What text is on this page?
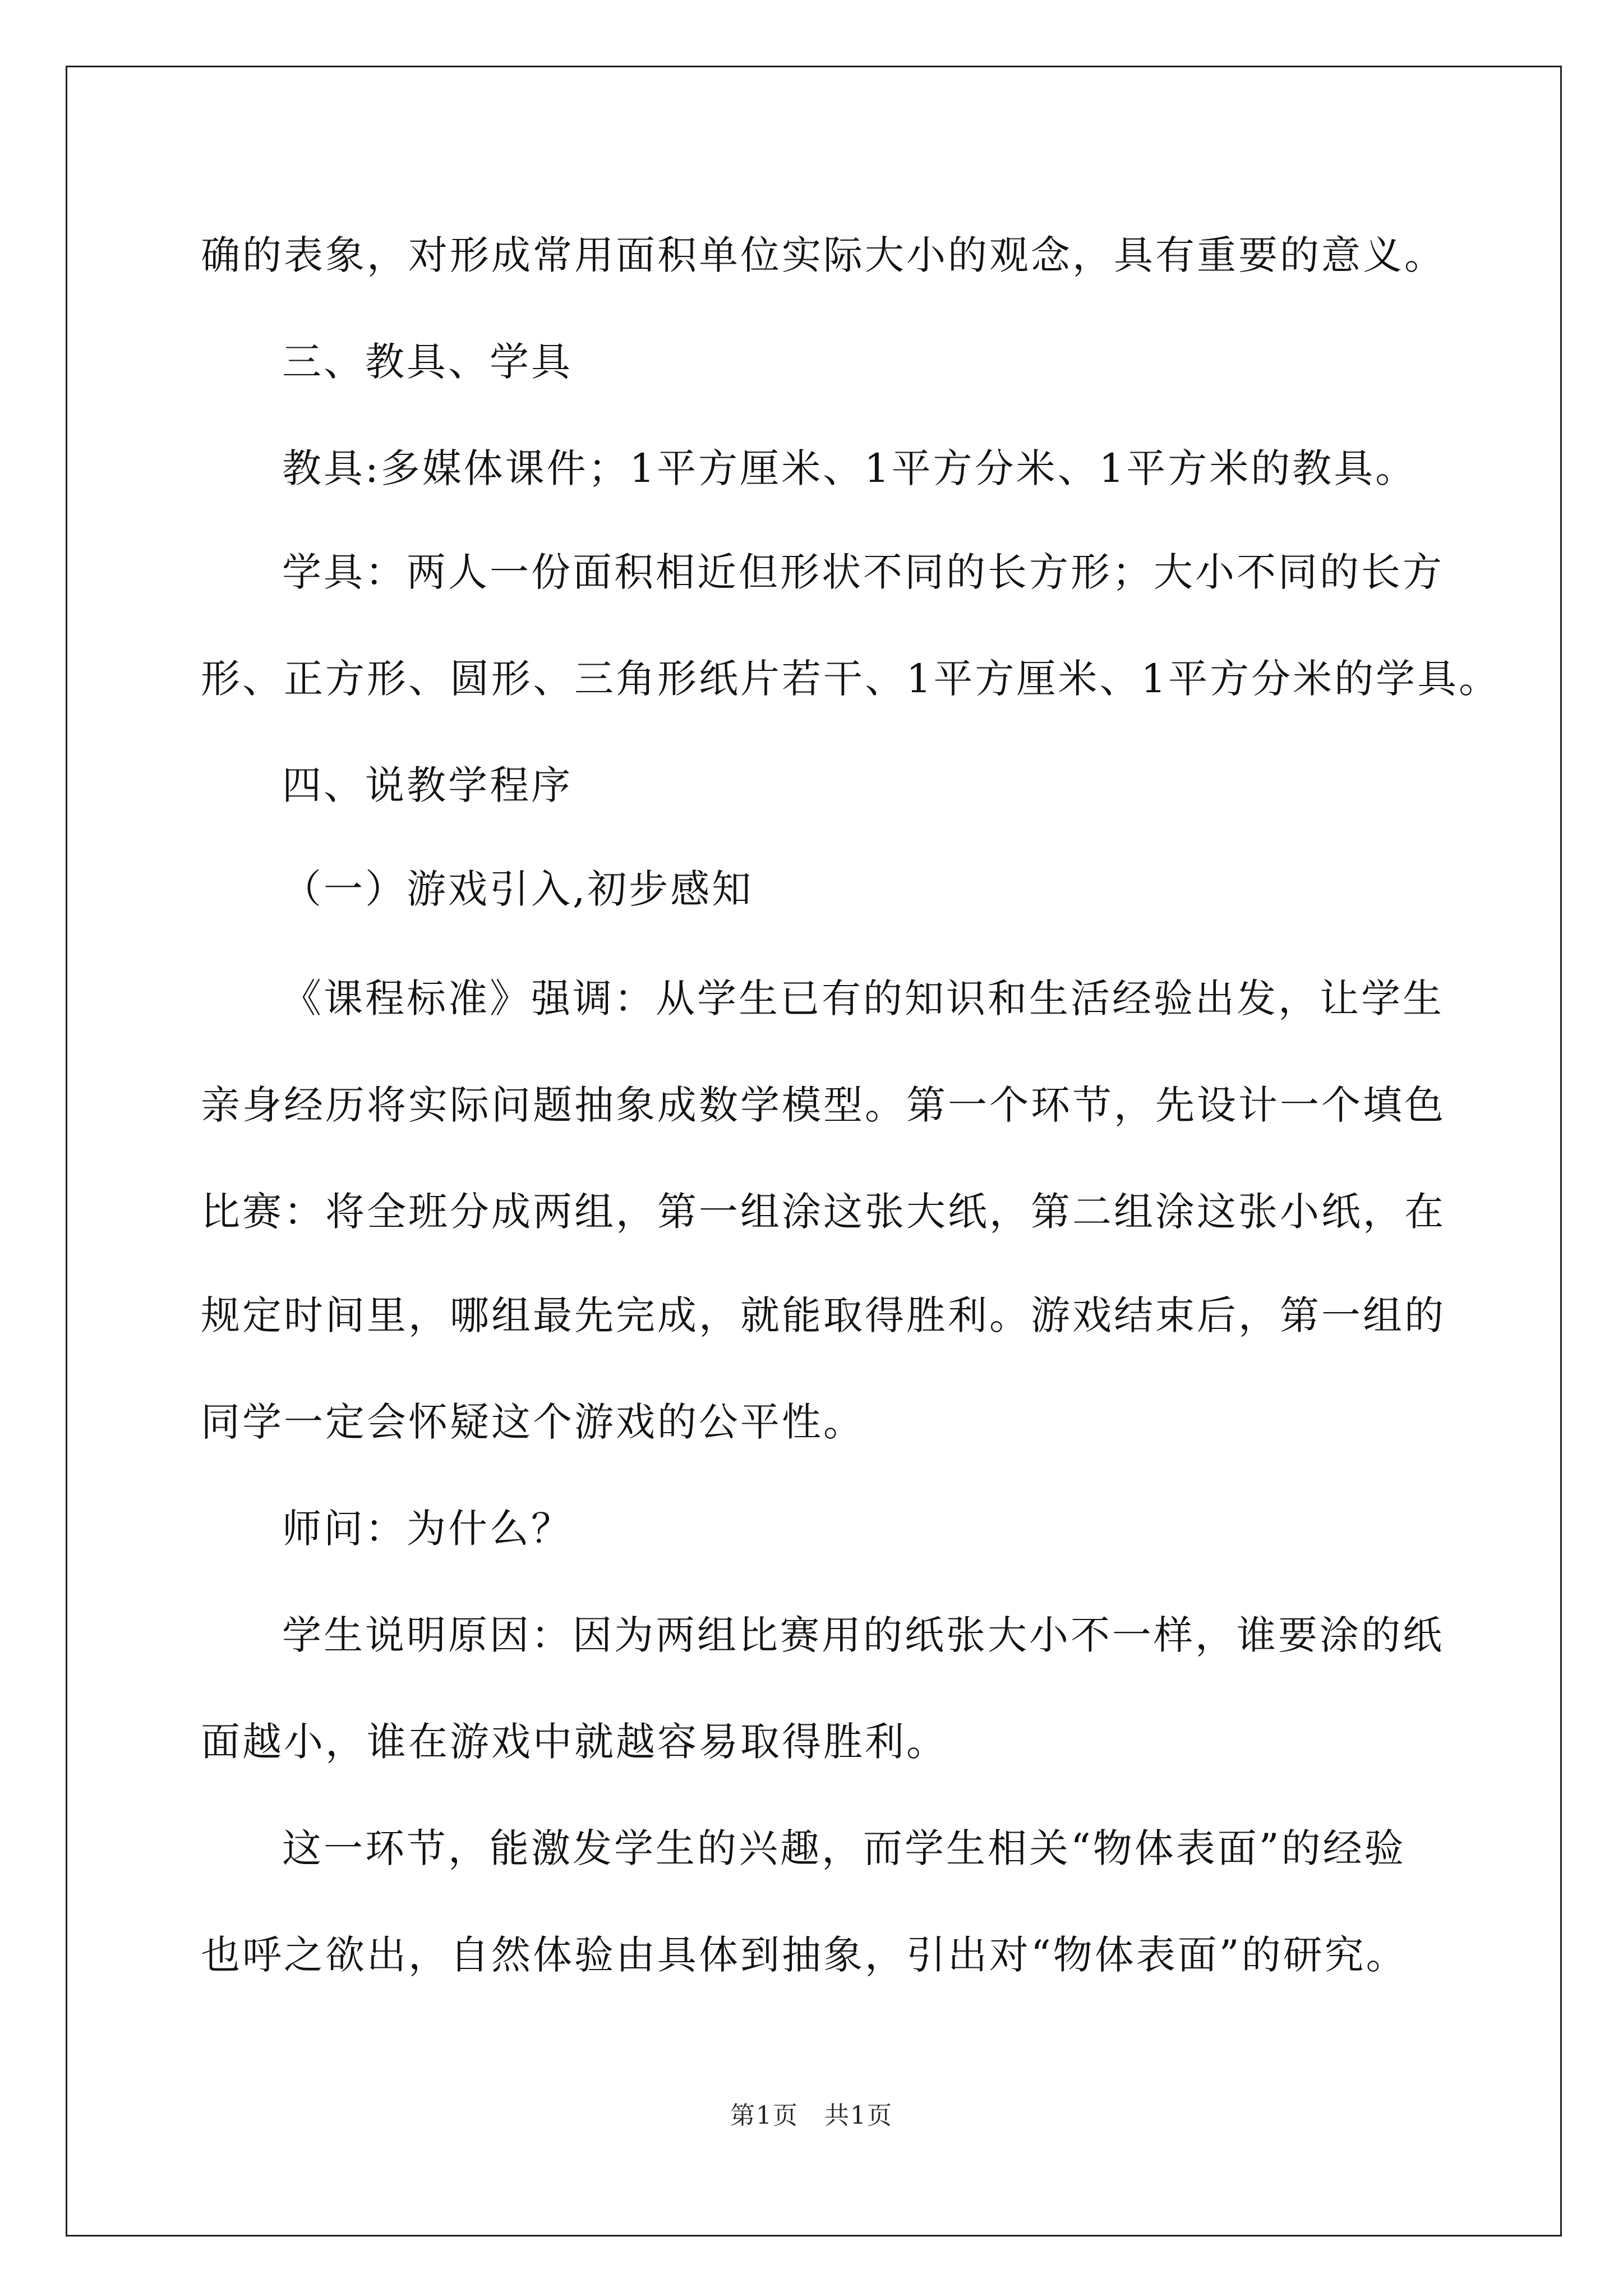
确的表象，对形成常用面积单位实际大小的观念，具有重要的意义。
三、教具、学具
教具:多媒体课件；1平方厘米、1平方分米、1平方米的教具。
学具：两人一份面积相近但形状不同的长方形；大小不同的长方
形、正方形、圆形、三角形纸片若干、1平方厘米、1平方分米的学具。
四、说教学程序
（一）游戏引入,初步感知
《课程标准》强调：从学生已有的知识和生活经验出发，让学生
亲身经历将实际问题抽象成数学模型。第一个环节，先设计一个填色
比赛：将全班分成两组，第一组涂这张大纸，第二组涂这张小纸，在
规定时间里，哪组最先完成，就能取得胜利。游戏结束后，第一组的
同学一定会怀疑这个游戏的公平性。
师问：为什么？
学生说明原因：因为两组比赛用的纸张大小不一样，谁要涂的纸
面越小，谁在游戏中就越容易取得胜利。
这一环节，能激发学生的兴趣，而学生相关“物体表面”的经验
也呼之欲出，自然体验由具体到抽象，引出对“物体表面”的研究。
第1页　共1页
